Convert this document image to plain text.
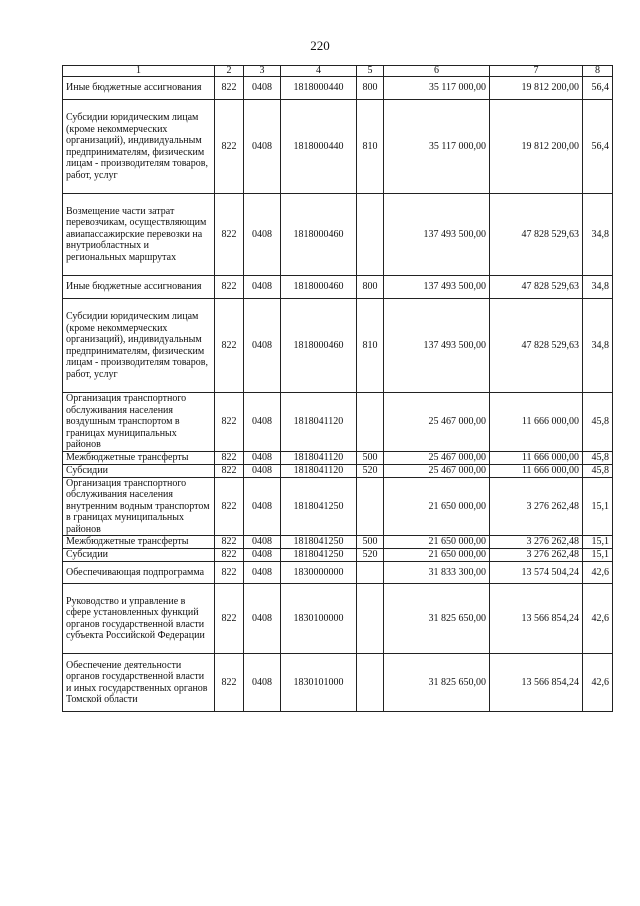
220
1	2	3	4	5	6	7	8
Иные бюджетные ассигнования	822	0408	1818000440	800	35 117 000,00	19 812 200,00	56,4
Субсидии юридическим лицам (кроме некоммерческих организаций), индивидуальным предпринимателям, физическим лицам - производителям товаров, работ, услуг	822	0408	1818000440	810	35 117 000,00	19 812 200,00	56,4
Возмещение части затрат перевозчикам, осуществляющим авиапассажирские перевозки на внутриобластных и региональных маршрутах	822	0408	1818000460		137 493 500,00	47 828 529,63	34,8
Иные бюджетные ассигнования	822	0408	1818000460	800	137 493 500,00	47 828 529,63	34,8
Субсидии юридическим лицам (кроме некоммерческих организаций), индивидуальным предпринимателям, физическим лицам - производителям товаров, работ, услуг	822	0408	1818000460	810	137 493 500,00	47 828 529,63	34,8
Организация транспортного обслуживания населения воздушным транспортом в границах муниципальных районов	822	0408	1818041120		25 467 000,00	11 666 000,00	45,8
Межбюджетные трансферты	822	0408	1818041120	500	25 467 000,00	11 666 000,00	45,8
Субсидии	822	0408	1818041120	520	25 467 000,00	11 666 000,00	45,8
Организация транспортного обслуживания населения внутренним водным транспортом в границах муниципальных районов	822	0408	1818041250		21 650 000,00	3 276 262,48	15,1
Межбюджетные трансферты	822	0408	1818041250	500	21 650 000,00	3 276 262,48	15,1
Субсидии	822	0408	1818041250	520	21 650 000,00	3 276 262,48	15,1
Обеспечивающая подпрограмма	822	0408	1830000000		31 833 300,00	13 574 504,24	42,6
Руководство и управление в сфере установленных функций органов государственной власти субъекта Российской Федерации	822	0408	1830100000		31 825 650,00	13 566 854,24	42,6
Обеспечение деятельности органов государственной власти и иных государственных органов Томской области	822	0408	1830101000		31 825 650,00	13 566 854,24	42,6
